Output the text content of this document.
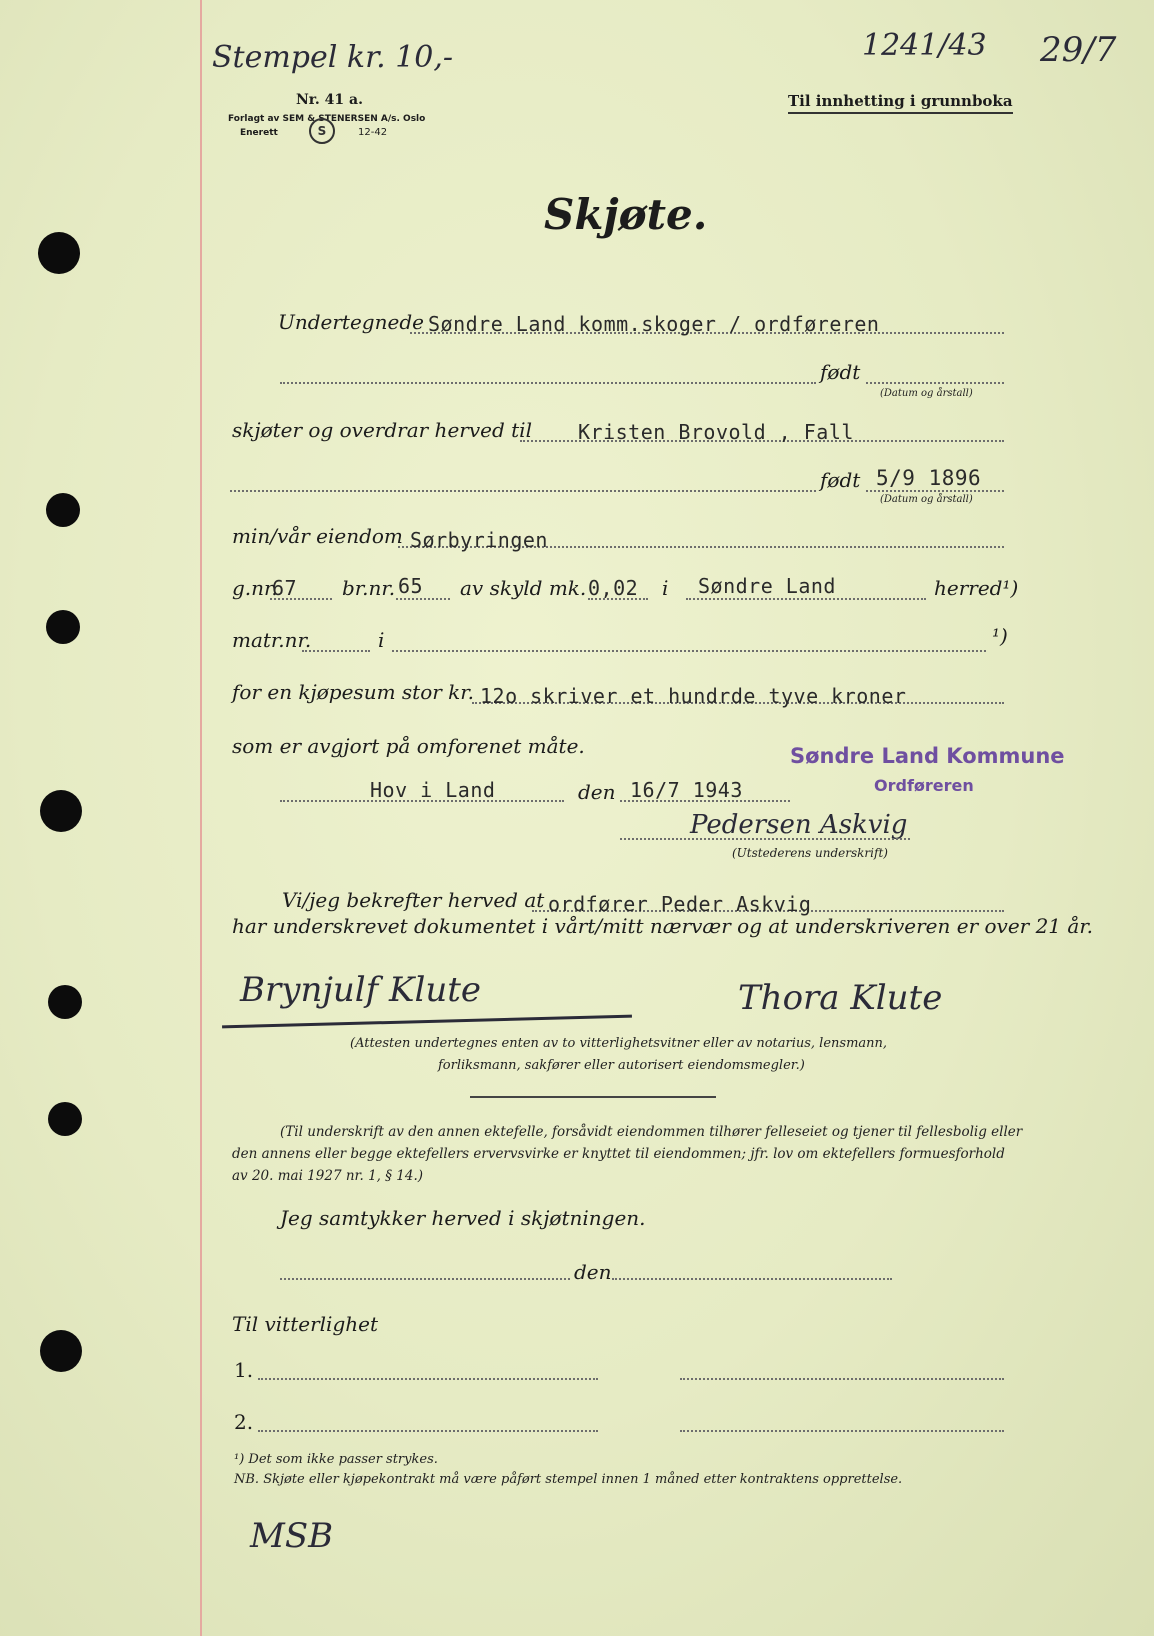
Stempel kr. 10,-	1241/43 29/7
Nr. 41 a.
Forlagt av SEM & STENERSEN A/s. Oslo
Enerett	S	12-42
Til innhetting i grunnboka
Skjøte.
Undertegnede Søndre Land komm.skoger / ordføreren
født
(Datum og årstall)
skjøter og overdrar herved til Kristen Brovold , Fall
født 5/9 1896
(Datum og årstall)
min/vår eiendom Sørbyringen
g.nr.
67 br.nr. 65 av skyld mk. 0,02 i Søndre Land	herred¹)
matr.nr.	i	¹)
for en kjøpesum stor kr. 12o skriver et hundrde tyve kroner
som er avgjort på omforenet måte.	Søndre Land Kommune
Ordføreren
Hov i Land	den 16/7 1943
Pedersen Askvig
(Utstederens underskrift)
Vi/jeg bekrefter herved at ordfører Peder Askvig
har underskrevet dokumentet i vårt/mitt nærvær og at underskriveren er over 21 år.
Brynjulf Klute	Thora Klute
(Attesten undertegnes enten av to vitterlighetsvitner eller av notarius, lensmann,
forliksmann, sakfører eller autorisert eiendomsmegler.)
(Til underskrift av den annen ektefelle, forsåvidt eiendommen tilhører felleseiet og tjener til fellesbolig eller
den annens eller begge ektefellers ervervsvirke er knyttet til eiendommen; jfr. lov om ektefellers formuesforhold
av 20. mai 1927 nr. 1, § 14.)
Jeg samtykker herved i skjøtningen.
den
Til vitterlighet
1.
2.
¹) Det som ikke passer strykes.
NB. Skjøte eller kjøpekontrakt må være påført stempel innen 1 måned etter kontraktens opprettelse.
MSB
